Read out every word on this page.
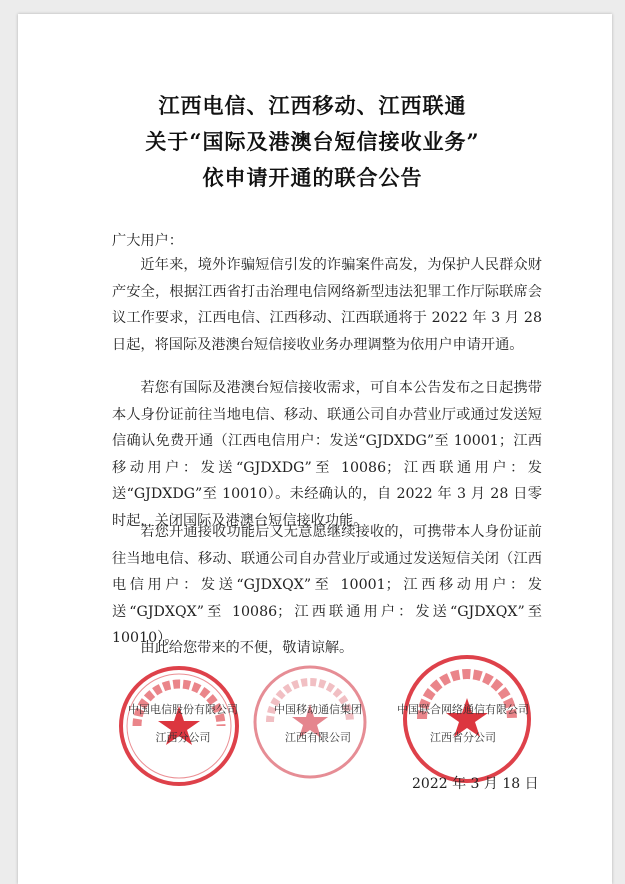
江西电信、江西移动、江西联通
关于“国际及港澳台短信接收业务”
依申请开通的联合公告
广大用户：

近年来，境外诈骗短信引发的诈骗案件高发，为保护人民群众财产安全，根据江西省打击治理电信网络新型违法犯罪工作厅际联席会议工作要求，江西电信、江西移动、江西联通将于 2022 年 3 月 28 日起，将国际及港澳台短信接收业务办理调整为依用户申请开通。

若您有国际及港澳台短信接收需求，可自本公告发布之日起携带本人身份证前往当地电信、移动、联通公司自办营业厅或通过发送短信确认免费开通（江西电信用户：发送“GJDXDG”至 10001；江西移动用户：发送“GJDXDG”至 10086；江西联通用户：发送“GJDXDG”至 10010）。未经确认的，自 2022 年 3 月 28 日零时起，关闭国际及港澳台短信接收功能。

若您开通接收功能后又无意愿继续接收的，可携带本人身份证前往当地电信、移动、联通公司自办营业厅或通过发送短信关闭（江西电信用户：发送“GJDXQX”至 10001；江西移动用户：发送“GJDXQX”至 10086；江西联通用户：发送“GJDXQX”至 10010）。

由此给您带来的不便，敬请谅解。

中国电信股份有限公司
江西分公司
中国移动通信集团
江西有限公司
中国联合网络通信有限公司
江西省分公司
2022 年 3 月 18 日
